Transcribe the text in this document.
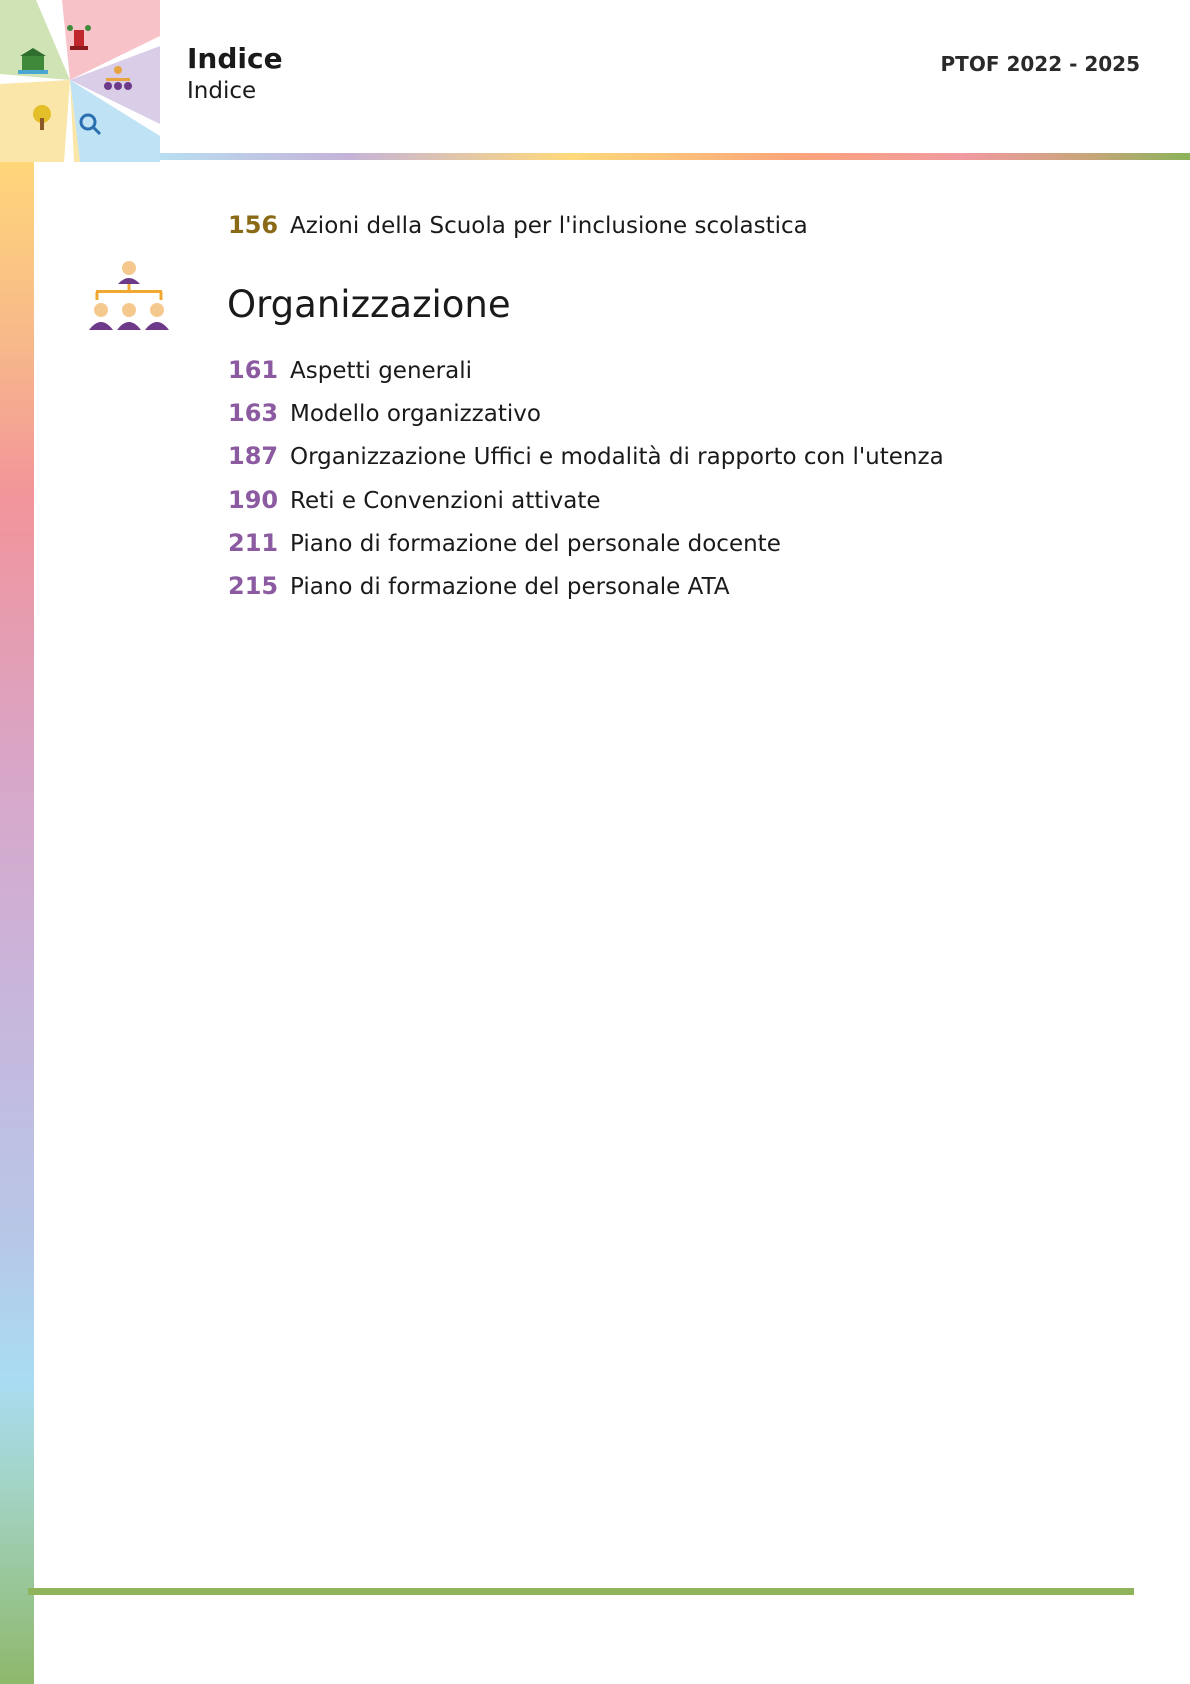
Indice
Indice
PTOF 2022 - 2025
156 Azioni della Scuola per l'inclusione scolastica
Organizzazione
161 Aspetti generali
163 Modello organizzativo
187 Organizzazione Uffici e modalità di rapporto con l'utenza
190 Reti e Convenzioni attivate
211 Piano di formazione del personale docente
215 Piano di formazione del personale ATA
